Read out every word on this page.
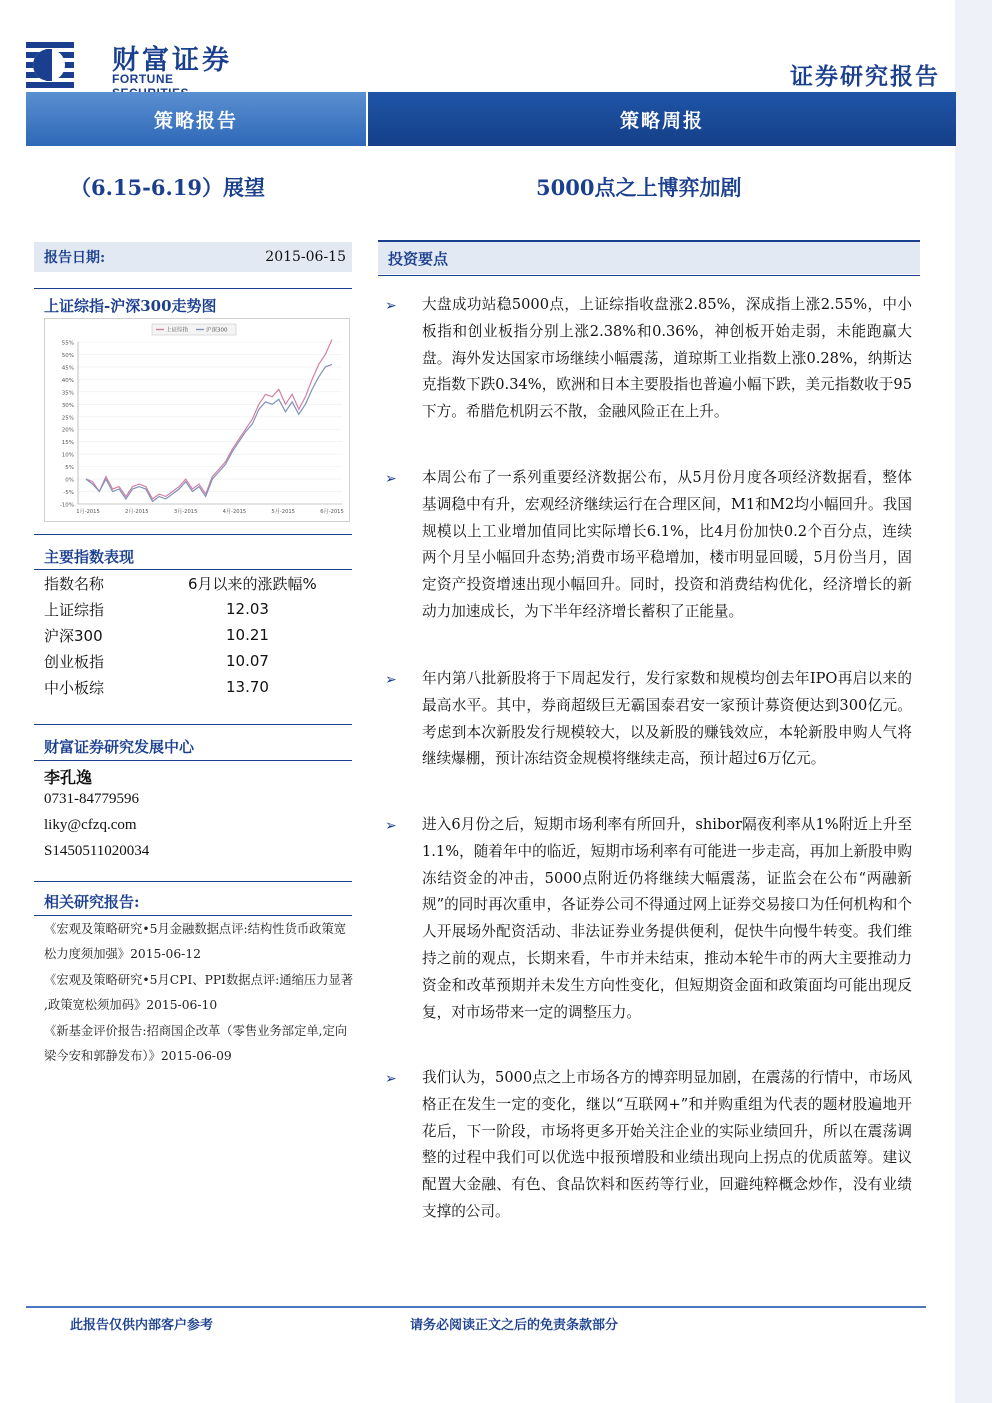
财富证券
FORTUNE	证券研究报告
策略报告	策略周报
（6.15-6.19）展望	5000点之上博弈加剧
报告日期:	2015-06-15
上证综指-沪深300走势图
55%
50%
45%
40%
35%
30%
25%
20%
15%
10%
5%
0%
-5%
-10%
1月-2015	2月-2015	3月-2015	4月-2015	5月-2015	6月-2015
上证综指	沪深300
主要指数表现
指数名称	6月以来的涨跌幅%
上证综指	12.03
沪深300	10.21
创业板指	10.07
中小板综	13.70
财富证券研究发展中心
李孔逸
0731-84779596
liky@cfzq.com
S1450511020034
相关研究报告:
《宏观及策略研究•5月金融数据点评:结构性货币政策宽松力度须加强》2015-06-12
《宏观及策略研究•5月CPI、PPI数据点评:通缩压力显著 ,政策宽松须加码》2015-06-10
《新基金评价报告:招商国企改革（零售业务部定单,定向梁今安和郭静发布）》2015-06-09
投资要点
➢ 大盘成功站稳5000点，上证综指收盘涨2.85%，深成指上涨2.55%，中小板指和创业板指分别上涨2.38%和0.36%，神创板开始走弱，未能跑赢大盘。海外发达国家市场继续小幅震荡，道琼斯工业指数上涨0.28%，纳斯达克指数下跌0.34%，欧洲和日本主要股指也普遍小幅下跌，美元指数收于95下方。希腊危机阴云不散，金融风险正在上升。
➢ 本周公布了一系列重要经济数据公布，从5月份月度各项经济数据看，整体基调稳中有升，宏观经济继续运行在合理区间，M1和M2均小幅回升。我国规模以上工业增加值同比实际增长6.1%，比4月份加快0.2个百分点，连续两个月呈小幅回升态势;消费市场平稳增加，楼市明显回暖，5月份当月，固定资产投资增速出现小幅回升。同时，投资和消费结构优化，经济增长的新动力加速成长，为下半年经济增长蓄积了正能量。
➢ 年内第八批新股将于下周起发行，发行家数和规模均创去年IPO再启以来的最高水平。其中，券商超级巨无霸国泰君安一家预计募资便达到300亿元。考虑到本次新股发行规模较大，以及新股的赚钱效应，本轮新股申购人气将继续爆棚，预计冻结资金规模将继续走高，预计超过6万亿元。
➢ 进入6月份之后，短期市场利率有所回升，shibor隔夜利率从1%附近上升至1.1%，随着年中的临近，短期市场利率有可能进一步走高，再加上新股申购冻结资金的冲击，5000点附近仍将继续大幅震荡，证监会在公布“两融新规”的同时再次重申，各证券公司不得通过网上证券交易接口为任何机构和个人开展场外配资活动、非法证券业务提供便利，促快牛向慢牛转变。我们维持之前的观点，长期来看，牛市并未结束，推动本轮牛市的两大主要推动力资金和改革预期并未发生方向性变化，但短期资金面和政策面均可能出现反复，对市场带来一定的调整压力。
➢ 我们认为，5000点之上市场各方的博弈明显加剧，在震荡的行情中，市场风格正在发生一定的变化，继以“互联网+”和并购重组为代表的题材股遍地开花后，下一阶段，市场将更多开始关注企业的实际业绩回升，所以在震荡调整的过程中我们可以优选中报预增股和业绩出现向上拐点的优质蓝筹。建议配置大金融、有色、食品饮料和医药等行业，回避纯粹概念炒作，没有业绩支撑的公司。
此报告仅供内部客户参考	请务必阅读正文之后的免责条款部分
